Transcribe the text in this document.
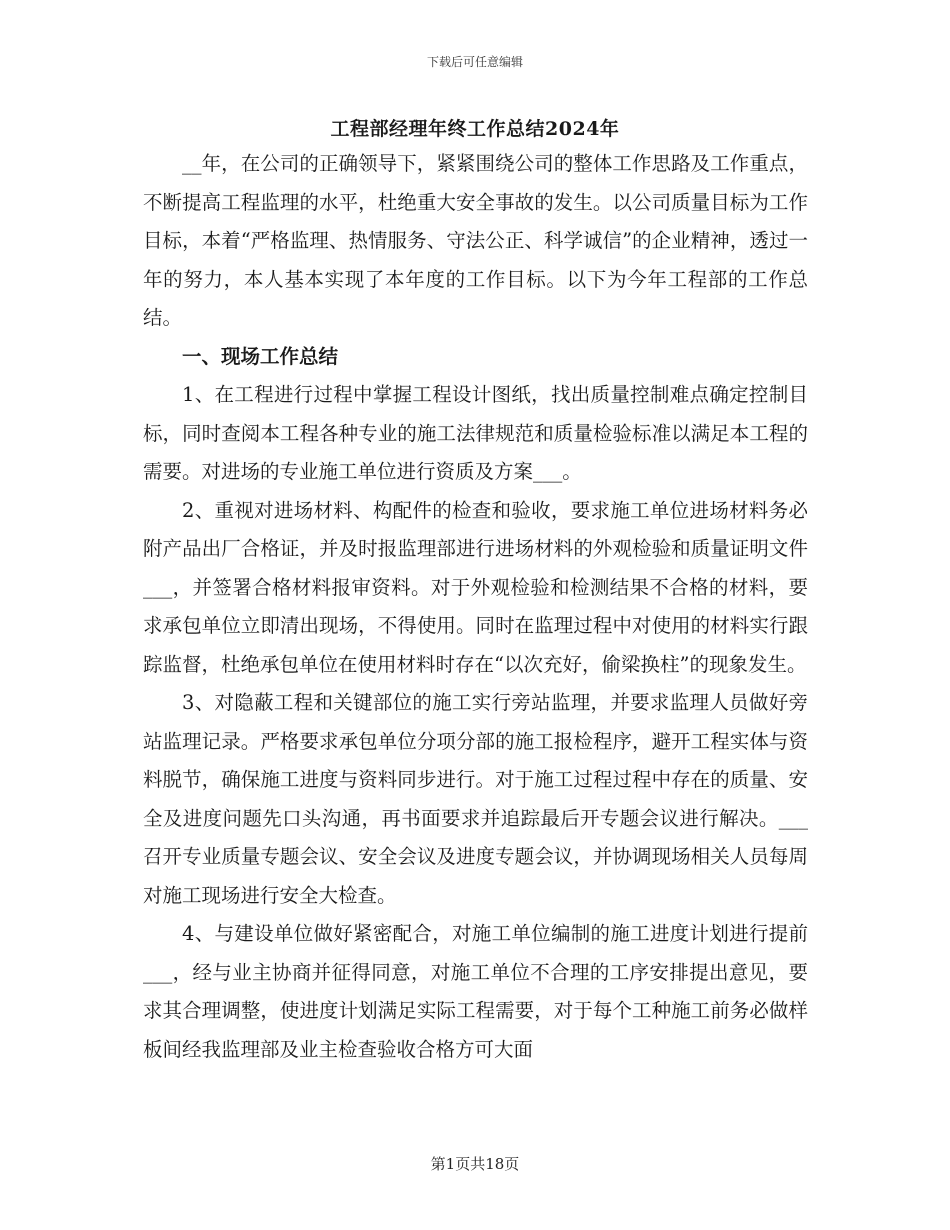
下载后可任意编辑
工程部经理年终工作总结2024年

__年，在公司的正确领导下，紧紧围绕公司的整体工作思路及工作重点，不断提高工程监理的水平，杜绝重大安全事故的发生。以公司质量目标为工作目标，本着“严格监理、热情服务、守法公正、科学诚信”的企业精神，透过一年的努力，本人基本实现了本年度的工作目标。以下为今年工程部的工作总结。

一、现场工作总结

1、在工程进行过程中掌握工程设计图纸，找出质量控制难点确定控制目标，同时查阅本工程各种专业的施工法律规范和质量检验标准以满足本工程的需要。对进场的专业施工单位进行资质及方案___。

2、重视对进场材料、构配件的检查和验收，要求施工单位进场材料务必附产品出厂合格证，并及时报监理部进行进场材料的外观检验和质量证明文件___，并签署合格材料报审资料。对于外观检验和检测结果不合格的材料，要求承包单位立即清出现场，不得使用。同时在监理过程中对使用的材料实行跟踪监督，杜绝承包单位在使用材料时存在“以次充好，偷梁换柱”的现象发生。

3、对隐蔽工程和关键部位的施工实行旁站监理，并要求监理人员做好旁站监理记录。严格要求承包单位分项分部的施工报检程序，避开工程实体与资料脱节，确保施工进度与资料同步进行。对于施工过程过程中存在的质量、安全及进度问题先口头沟通，再书面要求并追踪最后开专题会议进行解决。___召开专业质量专题会议、安全会议及进度专题会议，并协调现场相关人员每周对施工现场进行安全大检查。

4、与建设单位做好紧密配合，对施工单位编制的施工进度计划进行提前___，经与业主协商并征得同意，对施工单位不合理的工序安排提出意见，要求其合理调整，使进度计划满足实际工程需要，对于每个工种施工前务必做样板间经我监理部及业主检查验收合格方可大面

第1页共18页
